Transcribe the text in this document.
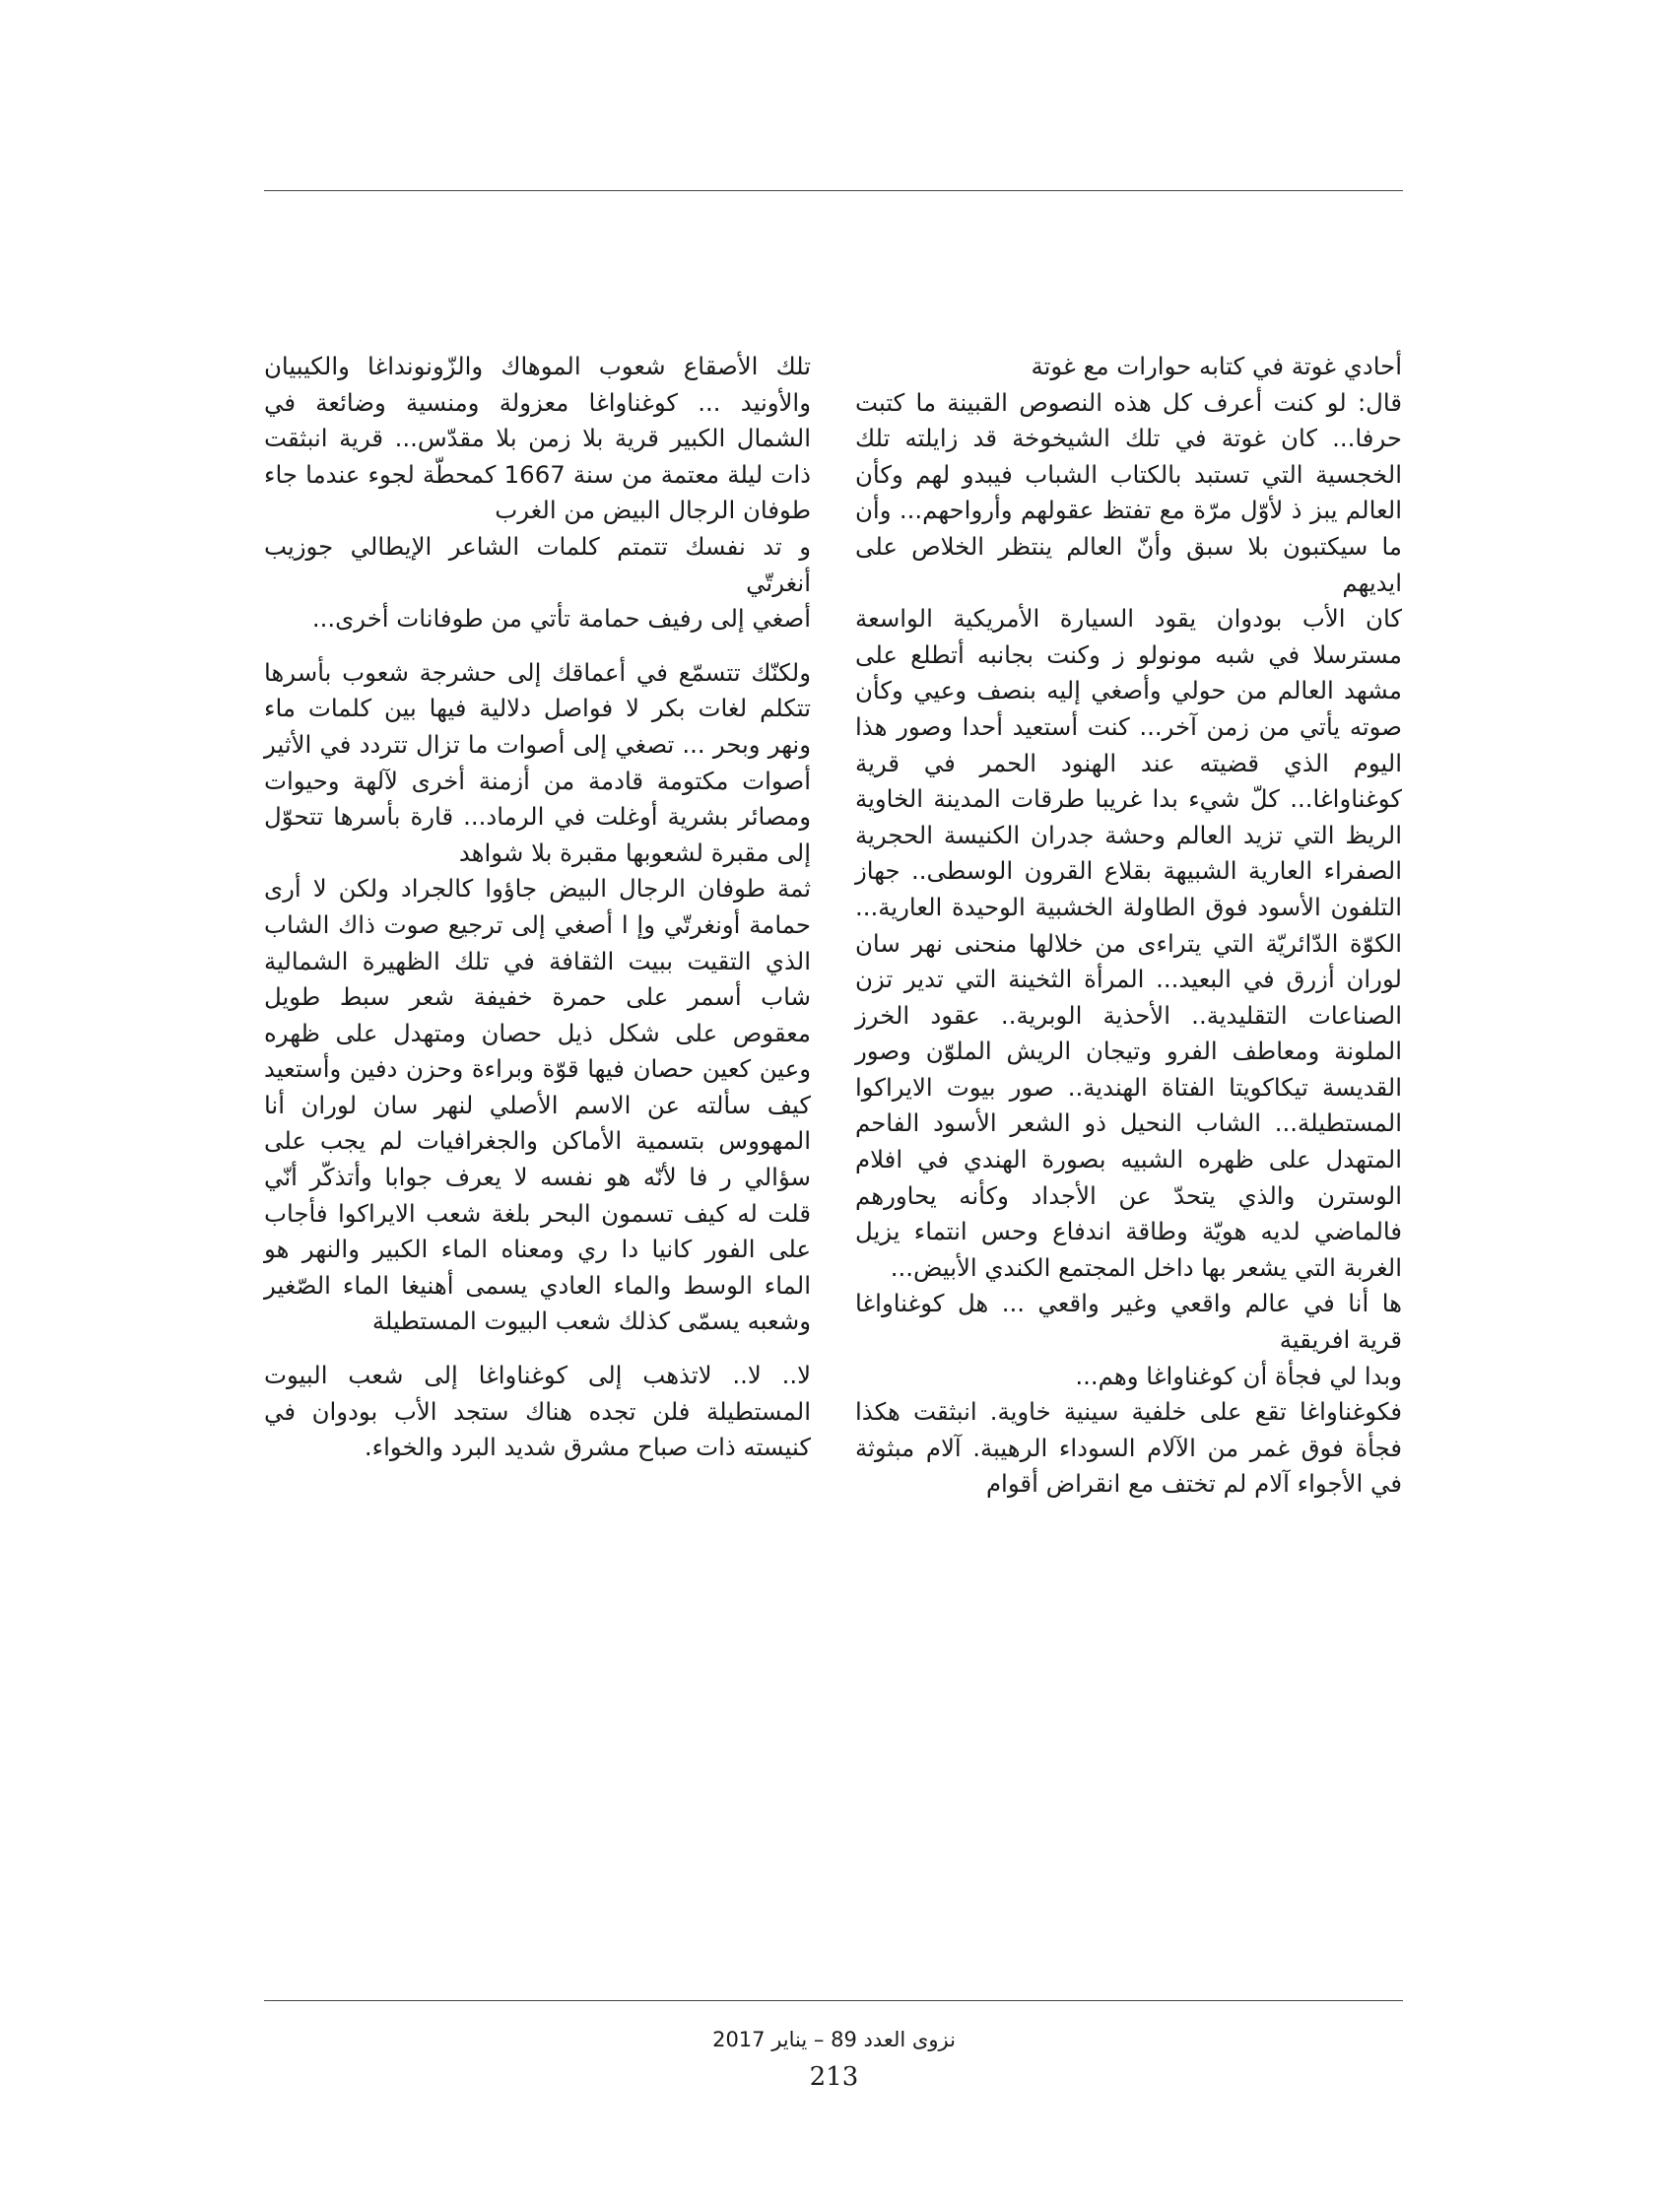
أحادي غوتة في كتابه حوارات مع غوتة

قال: لو كنت أعرف كل هذه النصوص القبينة ما كتبت حرفا... كان غوتة في تلك الشيخوخة قد زايلته تلك الخجسية التي تستبد بالكتاب الشباب فيبدو لهم وكأن العالم يبز ذ لأوّل مرّة مع تفتظ عقولهم وأرواحهم... وأن ما سيكتبون بلا سبق وأنّ العالم ينتظر الخلاص على ايديهم

كان الأب بودوان يقود السيارة الأمريكية الواسعة مسترسلا في شبه مونولو ز وكنت بجانبه أتطلع على مشهد العالم من حولي وأصغي إليه بنصف وعيي وكأن صوته يأتي من زمن آخر... كنت أستعيد أحدا وصور هذا اليوم الذي قضيته عند الهنود الحمر في قرية كوغناواغا... كلّ شيء بدا غريبا طرقات المدينة الخاوية الريظ التي تزيد العالم وحشة جدران الكنيسة الحجرية الصفراء العارية الشبيهة بقلاع القرون الوسطى.. جهاز التلفون الأسود فوق الطاولة الخشبية الوحيدة العارية... الكوّة الدّائريّة التي يتراءى من خلالها منحنى نهر سان لوران أزرق في البعيد... المرأة الثخينة التي تدير تزن الصناعات التقليدية.. الأحذية الوبرية.. عقود الخرز الملونة ومعاطف الفرو وتيجان الريش الملوّن وصور القديسة تيكاكويتا الفتاة الهندية.. صور بيوت الايراكوا المستطيلة... الشاب النحيل ذو الشعر الأسود الفاحم المتهدل على ظهره الشبيه بصورة الهندي في افلام الوسترن والذي يتحدّ عن الأجداد وكأنه يحاورهم فالماضي لديه هويّة وطاقة اندفاع وحس انتماء يزيل الغربة التي يشعر بها داخل المجتمع الكندي الأبيض...

ها أنا في عالم واقعي وغير واقعي ... هل كوغناواغا قرية افريقية

وبدا لي فجأة أن كوغناواغا وهم...

فكوغناواغا تقع على خلفية سينية خاوية. انبثقت هكذا فجأة فوق غمر من الآلام السوداء الرهيبة. آلام مبثوثة في الأجواء آلام لم تختف مع انقراض أقوام

تلك الأصقاع شعوب الموهاك والزّونونداغا والكيبيان والأونيد ... كوغناواغا معزولة ومنسية وضائعة في الشمال الكبير قرية بلا زمن بلا مقدّس... قرية انبثقت ذات ليلة معتمة من سنة 1667 كمحطّة لجوء عندما جاء طوفان الرجال البيض من الغرب

و تد نفسك تتمتم كلمات الشاعر الإيطالي جوزيب أنغرتّي

أصغي إلى رفيف حمامة تأتي من طوفانات أخرى...

ولكنّك تتسمّع في أعماقك إلى حشرجة شعوب بأسرها تتكلم لغات بكر لا فواصل دلالية فيها بين كلمات ماء ونهر وبحر ... تصغي إلى أصوات ما تزال تتردد في الأثير أصوات مكتومة قادمة من أزمنة أخرى لآلهة وحيوات ومصائر بشرية أوغلت في الرماد... قارة بأسرها تتحوّل إلى مقبرة لشعوبها مقبرة بلا شواهد

ثمة طوفان الرجال البيض جاؤوا كالجراد ولكن لا أرى حمامة أونغرتّي وإ ا أصغي إلى ترجيع صوت ذاك الشاب الذي التقيت ببيت الثقافة في تلك الظهيرة الشمالية شاب أسمر على حمرة خفيفة شعر سبط طويل معقوص على شكل ذيل حصان ومتهدل على ظهره وعين كعين حصان فيها قوّة وبراءة وحزن دفين وأستعيد كيف سألته عن الاسم الأصلي لنهر سان لوران أنا المهووس بتسمية الأماكن والجغرافيات لم يجب على سؤالي ر فا لأنّه هو نفسه لا يعرف جوابا وأتذكّر أنّي قلت له كيف تسمون البحر بلغة شعب الايراكوا فأجاب على الفور كانيا دا ري ومعناه الماء الكبير والنهر هو الماء الوسط والماء العادي يسمى أهنيغا الماء الصّغير وشعبه يسمّى كذلك شعب البيوت المستطيلة

لا.. لا.. لاتذهب إلى كوغناواغا إلى شعب البيوت المستطيلة فلن تجده هناك ستجد الأب بودوان في كنيسته ذات صباح مشرق شديد البرد والخواء.

نزوى العدد 89 – يناير 2017
213
